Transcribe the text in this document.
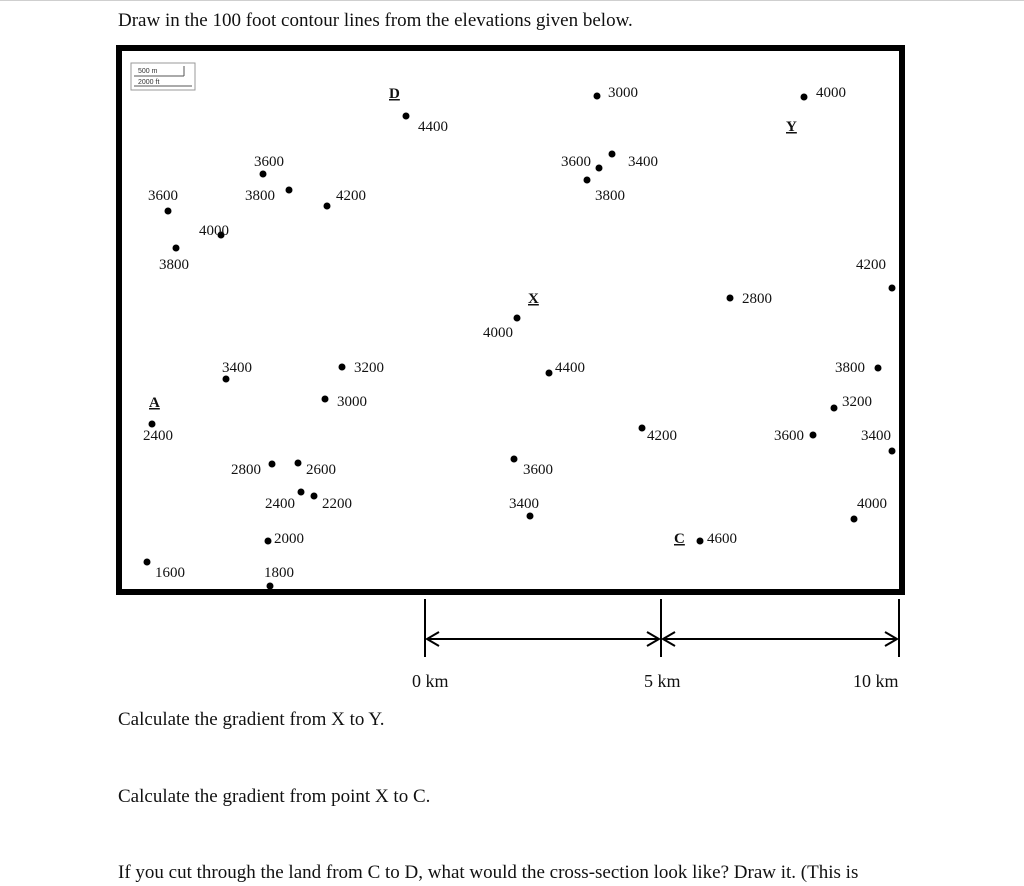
Draw in the 100 foot contour lines from the elevations given below.
500 m
2000 ft
D
Y
X
A
C
4400
3000	4000
3600	3400
3600
3800
4200
3600	3800
4000
3800	4200
2800
4000
3400	3200	4400	3800
3000	3200
2400	4200	3600	3400
2800	2600	3600
2400 2200	3400	4000
2000	4600
1600	1800
0 km	5 km	10 km
Calculate the gradient from X to Y.
Calculate the gradient from point X to C.
If you cut through the land from C to D, what would the cross-section look like? Draw it. (This is
